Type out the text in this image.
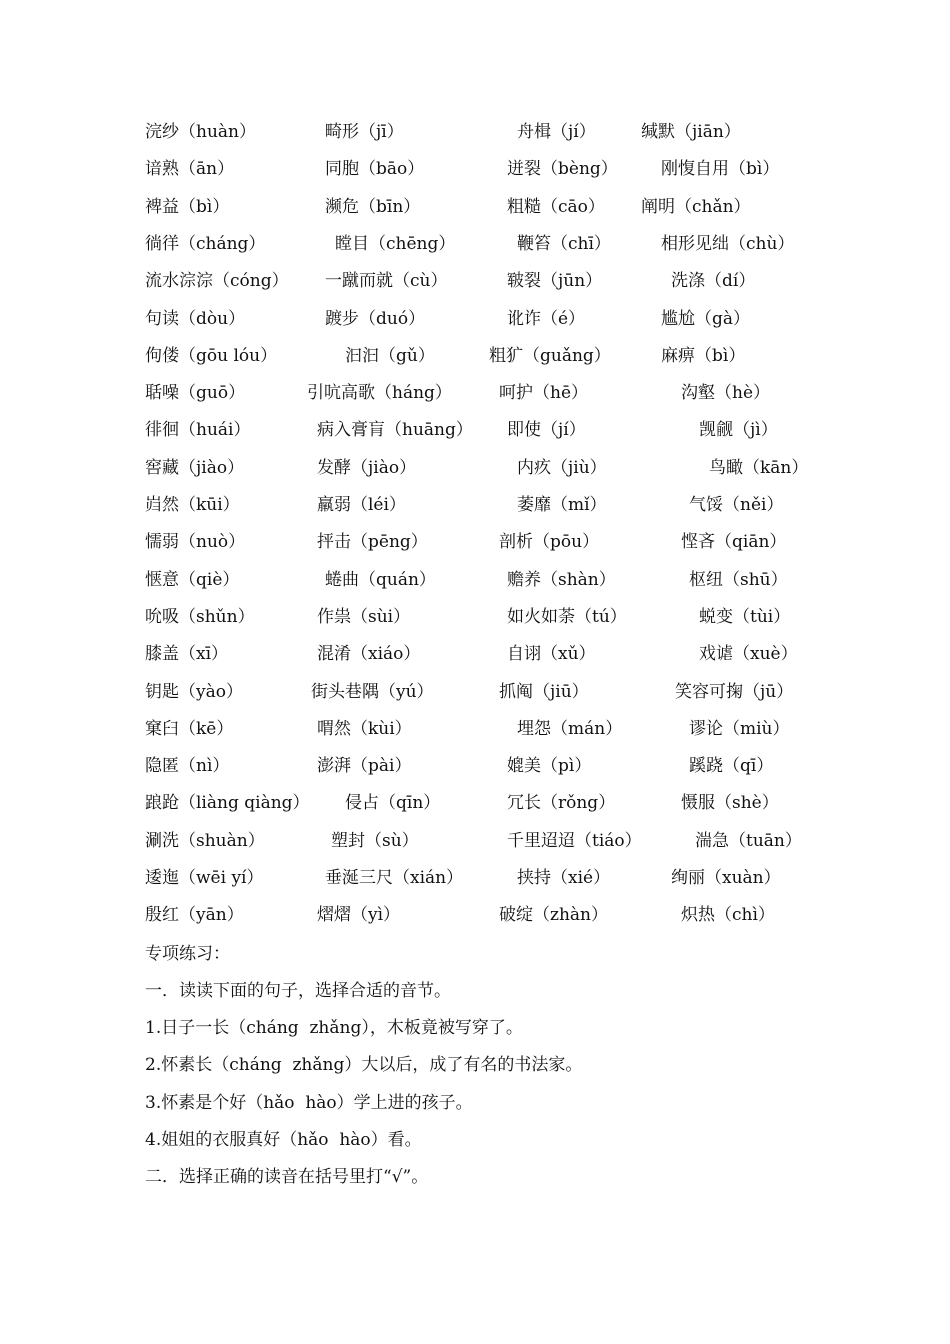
浣纱（huàn）	畸形（jī）	舟楫（jí）	缄默（jiān）
谙熟（ān）	同胞（bāo）	迸裂（bèng）	刚愎自用（bì）
裨益（bì）	濒危（bīn）	粗糙（cāo） 阐明（chǎn）
徜徉（cháng）	瞠目（chēng）	鞭笞（chī）	相形见绌（chù）
流水淙淙（cóng） 一蹴而就（cù）	皲裂（jūn）	洗涤（dí）
句读（dòu）	踱步（duó）	讹诈（é）	尴尬（gà）
佝偻（gōu lóu）	汩汩（gǔ）	粗犷（guǎng）	麻痹（bì）
聒噪（guō）	引吭高歌（háng）	呵护（hē）	沟壑（hè）
徘徊（huái）	病入膏肓（huāng） 即使（jí）	觊觎（jì）
窖藏（jiào）	发酵（jiào）	内疚（jiù）	鸟瞰（kān）
岿然（kūi）	羸弱（léi）	萎靡（mǐ）	气馁（něi）
懦弱（nuò）	抨击（pēng）	剖析（pōu）	悭吝（qiān）
惬意（qiè）	蜷曲（quán）	赡养（shàn）	枢纽（shū）
吮吸（shǔn）	作祟（sùi）	如火如荼（tú）	蜕变（tùi）
膝盖（xī）	混淆（xiáo）	自诩（xǔ）	戏谑（xuè）
钥匙（yào）	街头巷隅（yú）	抓阄（jiū）	笑容可掬（jū）
窠臼（kē）	喟然（kùi）	埋怨（mán）	谬论（miù）
隐匿（nì）	澎湃（pài）	媲美（pì）	蹊跷（qī）
踉跄（liàng qiàng） 侵占（qīn）	冗长（rǒng）	慑服（shè）
涮洗（shuàn）	塑封（sù）	千里迢迢（tiáo）	湍急（tuān）
逶迤（wēi yí）	垂涎三尺（xián）	挟持（xié）	绚丽（xuàn）
殷红（yān）	熠熠（yì）	破绽（zhàn）	炽热（chì）
专项练习：
一．读读下面的句子，选择合适的音节。
1.日子一长（cháng  zhǎng），木板竟被写穿了。
2.怀素长（cháng  zhǎng）大以后，成了有名的书法家。
3.怀素是个好（hǎo  hào）学上进的孩子。
4.姐姐的衣服真好（hǎo  hào）看。
二．选择正确的读音在括号里打“√”。
